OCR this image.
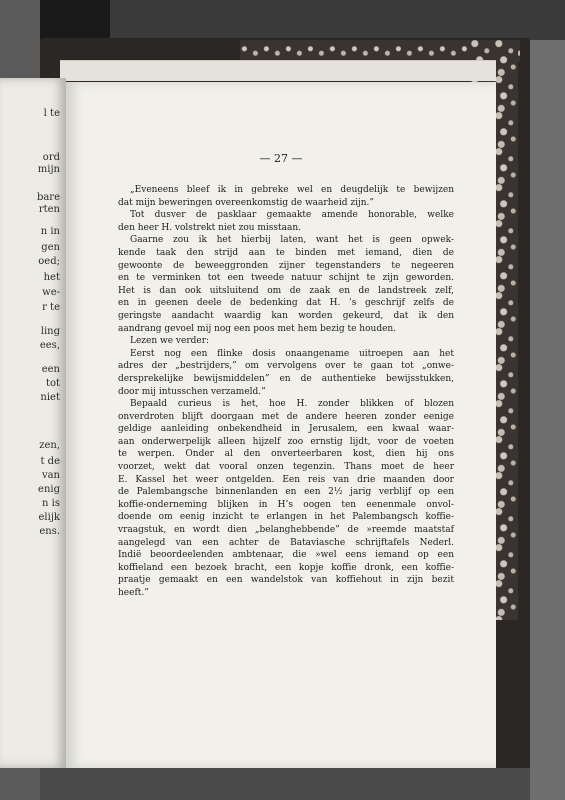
l te
ord
mijn
bare
rten
n in
gen
oed;
het
we-
r te
ling
ees,
een
tot
niet
zen,
t de
van
enig
n is
elijk
ens.
— 27 —
„Eveneens bleef ik in gebreke wel en deugdelijk te bewijzen
dat mijn beweringen overeenkomstig de waarheid zijn.”
Tot dusver de pasklaar gemaakte amende honorable, welke
den heer H. volstrekt niet zou misstaan.
Gaarne zou ik het hierbij laten, want het is geen opwek-
kende taak den strijd aan te binden met iemand, dien de
gewoonte de beweeggronden zijner tegenstanders te negeeren
en te verminken tot een tweede natuur schijnt te zijn geworden.
Het is dan ook uitsluitend om de zaak en de landstreek zelf,
en in geenen deele de bedenking dat H. ’s geschrijf zelfs de
geringste aandacht waardig kan worden gekeurd, dat ik den
aandrang gevoel mij nog een poos met hem bezig te houden.
Lezen we verder:
Eerst nog een flinke dosis onaangename uitroepen aan het
adres der „bestrijders,” om vervolgens over te gaan tot „onwe-
dersprekelijke bewijsmiddelen” en de authentieke bewijsstukken,
door mij intusschen verzameld.”
Bepaald curieus is het, hoe H. zonder blikken of blozen
onverdroten blijft doorgaan met de andere heeren zonder eenige
geldige aanleiding onbekendheid in Jerusalem, een kwaal waar-
aan onderwerpelijk alleen hijzelf zoo ernstig lijdt, voor de voeten
te werpen. Onder al den onverteerbaren kost, dien hij ons
voorzet, wekt dat vooral onzen tegenzin. Thans moet de heer
E. Kassel het weer ontgelden. Een reis van drie maanden door
de Palembangsche binnenlanden en een 2½ jarig verblijf op een
koffie-onderneming blijken in H’s oogen ten eenenmale onvol-
doende om eenig inzicht te erlangen in het Palembangsch koffie-
vraagstuk, en wordt dien „belanghebbende” de »reemde maatstaf
aangelegd van een achter de Bataviasche schrijftafels Nederl.
Indië beoordeelenden ambtenaar, die »wel eens iemand op een
koffieland een bezoek bracht, een kopje koffie dronk, een koffie-
praatje gemaakt en een wandelstok van koffiehout in zijn bezit
heeft.”
